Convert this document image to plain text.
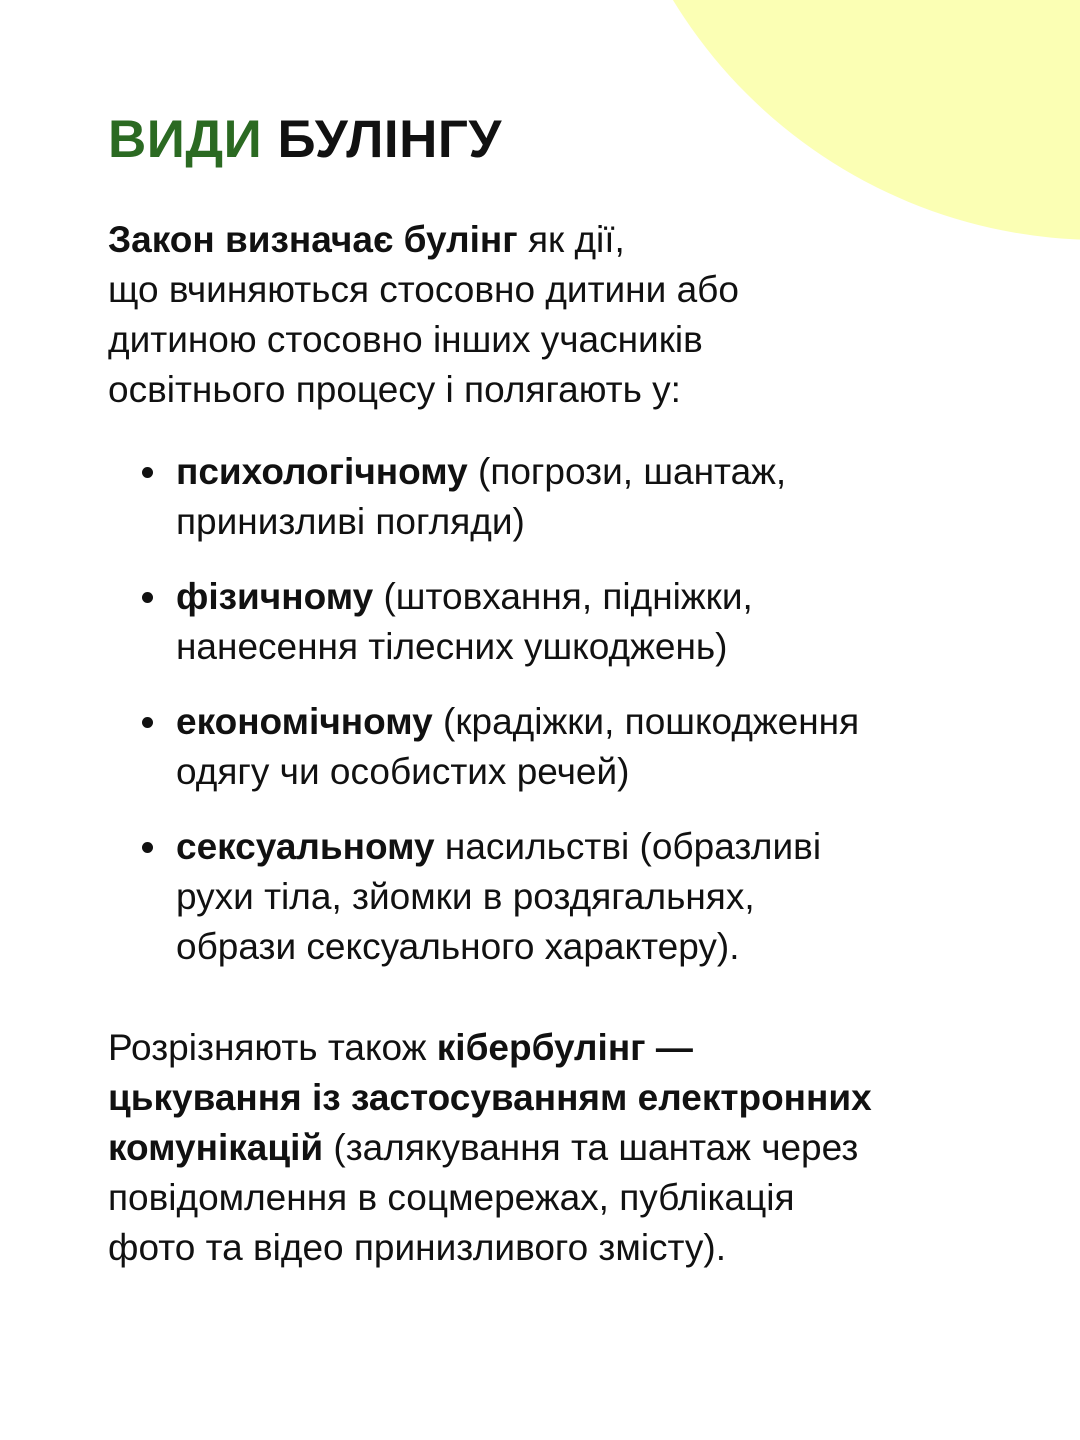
ВИДИ БУЛІНГУ
Закон визначає булінг як дії,
що вчиняються стосовно дитини або
дитиною стосовно інших учасників
освітнього процесу і полягають у:
психологічному (погрози, шантаж,
принизливі погляди)
фізичному (штовхання, підніжки,
нанесення тілесних ушкоджень)
економічному (крадіжки, пошкодження
одягу чи особистих речей)
сексуальному насильстві (образливі
рухи тіла, зйомки в роздягальнях,
образи сексуального характеру).
Розрізняють також кібербулінг —
цькування із застосуванням електронних
комунікацій (залякування та шантаж через
повідомлення в соцмережах, публікація
фото та відео принизливого змісту).
